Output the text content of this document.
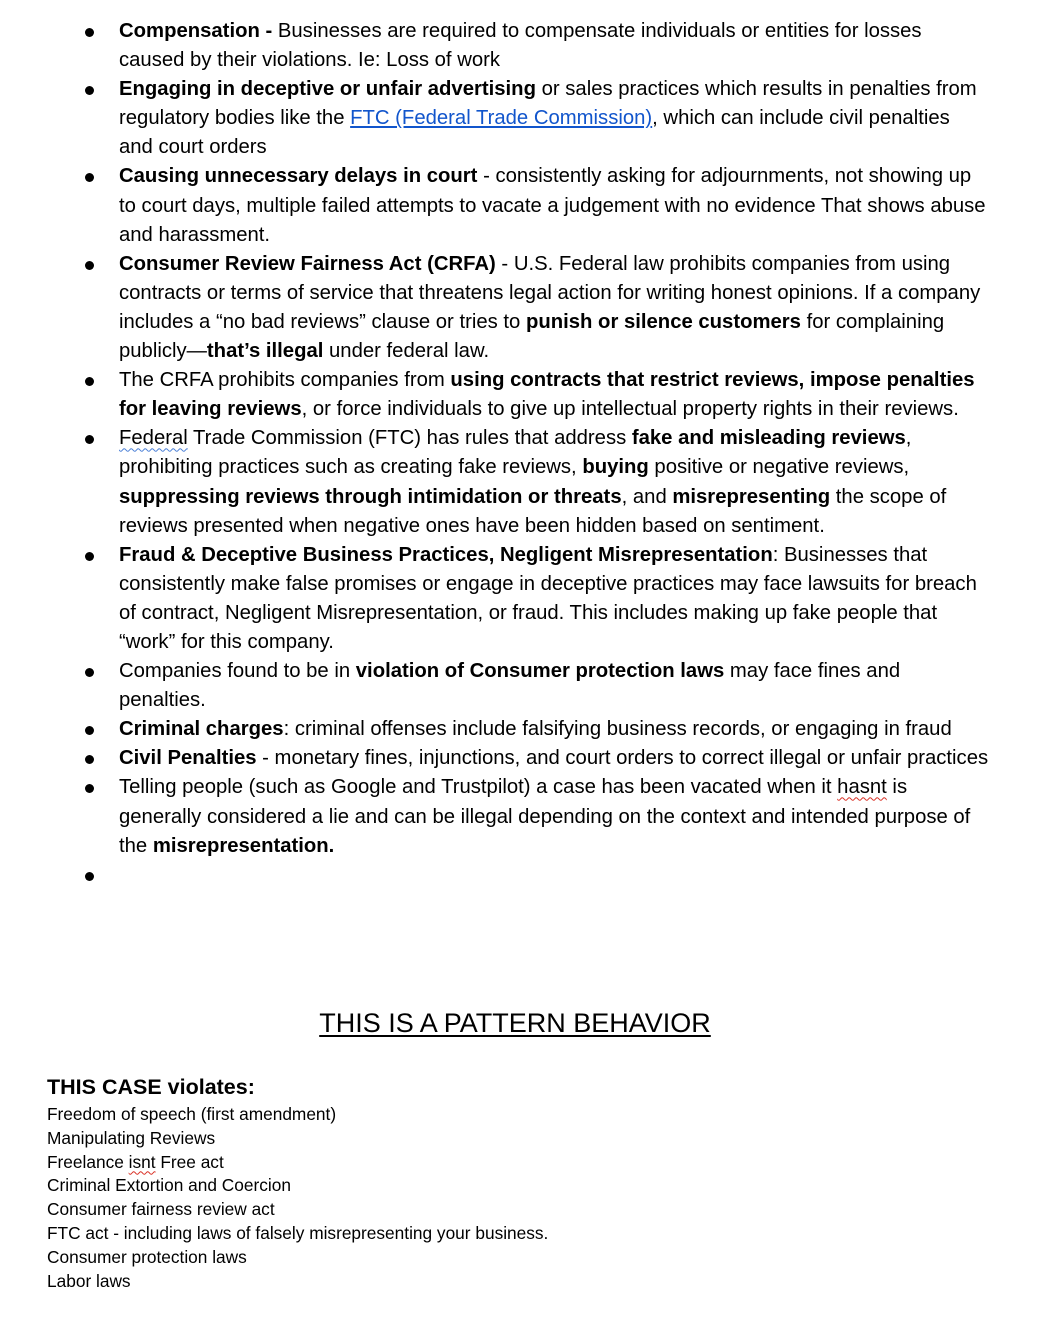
Compensation - Businesses are required to compensate individuals or entities for losses caused by their violations. Ie: Loss of work
Engaging in deceptive or unfair advertising or sales practices which results in penalties from regulatory bodies like the FTC (Federal Trade Commission), which can include civil penalties and court orders
Causing unnecessary delays in court - consistently asking for adjournments, not showing up to court days, multiple failed attempts to vacate a judgement with no evidence That shows abuse and harassment.
Consumer Review Fairness Act (CRFA) - U.S. Federal law prohibits companies from using contracts or terms of service that threatens legal action for writing honest opinions. If a company includes a “no bad reviews” clause or tries to punish or silence customers for complaining publicly—that’s illegal under federal law.
The CRFA prohibits companies from using contracts that restrict reviews, impose penalties for leaving reviews, or force individuals to give up intellectual property rights in their reviews.
Federal Trade Commission (FTC) has rules that address fake and misleading reviews, prohibiting practices such as creating fake reviews, buying positive or negative reviews, suppressing reviews through intimidation or threats, and misrepresenting the scope of reviews presented when negative ones have been hidden based on sentiment.
Fraud & Deceptive Business Practices, Negligent Misrepresentation: Businesses that consistently make false promises or engage in deceptive practices may face lawsuits for breach of contract, Negligent Misrepresentation, or fraud. This includes making up fake people that “work” for this company.
Companies found to be in violation of Consumer protection laws may face fines and penalties.
Criminal charges: criminal offenses include falsifying business records, or engaging in fraud
Civil Penalties - monetary fines, injunctions, and court orders to correct illegal or unfair practices
Telling people (such as Google and Trustpilot) a case has been vacated when it hasnt is generally considered a lie and can be illegal depending on the context and intended purpose of the misrepresentation.
THIS IS A PATTERN BEHAVIOR
THIS CASE violates:
Freedom of speech (first amendment)
Manipulating Reviews
Freelance isnt Free act
Criminal Extortion and Coercion
Consumer fairness review act
FTC act - including laws of falsely misrepresenting your business.
Consumer protection laws
Labor laws
